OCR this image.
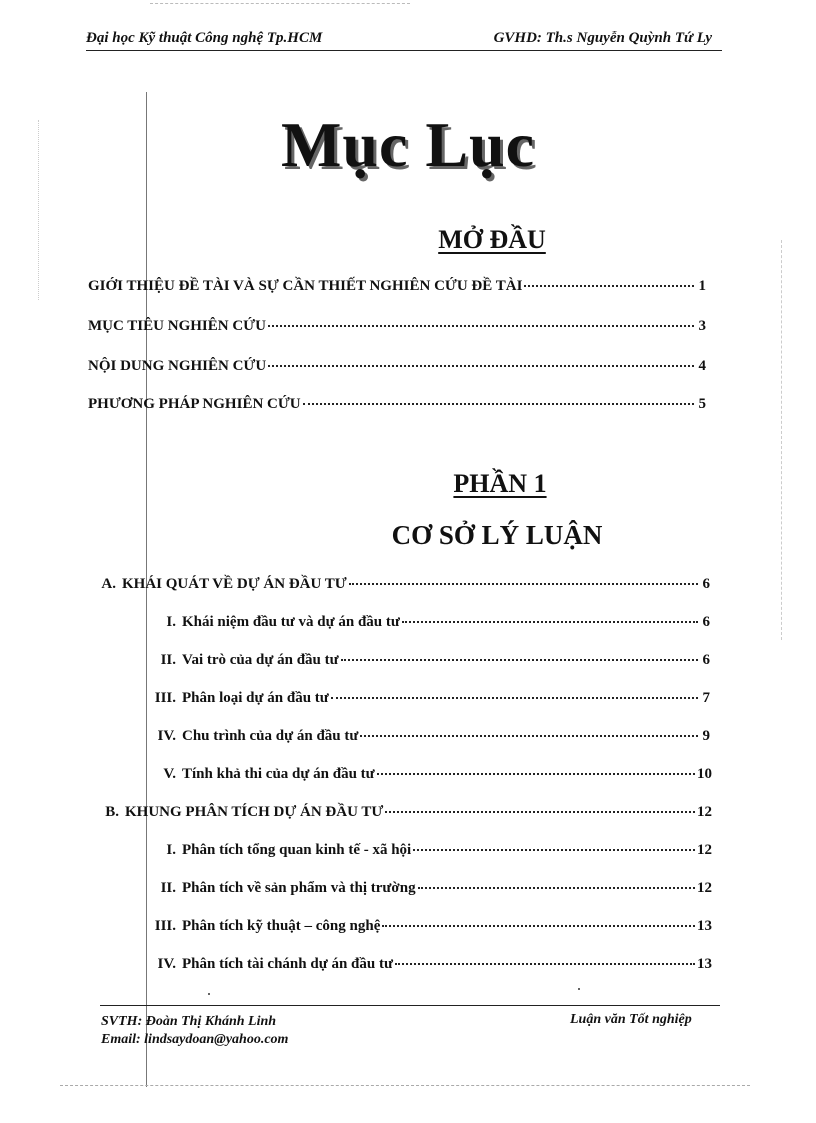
Đại học Kỹ thuật Công nghệ Tp.HCM	GVHD: Th.s Nguyễn Quỳnh Tứ Ly
Mục Lục
MỞ ĐẦU
GIỚI THIỆU ĐỀ TÀI VÀ SỰ CẦN THIẾT NGHIÊN CỨU ĐỀ TÀI	1
MỤC TIÊU NGHIÊN CỨU	3
NỘI DUNG NGHIÊN CỨU	4
PHƯƠNG PHÁP NGHIÊN CỨU	5
PHẦN 1
CƠ SỞ LÝ LUẬN
A. KHÁI QUÁT VỀ DỰ ÁN ĐẦU TƯ	6
I. Khái niệm đầu tư và dự án đầu tư	6
II. Vai trò của dự án đầu tư	6
III. Phân loại dự án đầu tư	7
IV. Chu trình của dự án đầu tư	9
V. Tính khả thi của dự án đầu tư	10
B. KHUNG PHÂN TÍCH DỰ ÁN ĐẦU TƯ	12
I. Phân tích tổng quan kinh tế - xã hội	12
II. Phân tích về sản phẩm và thị trường	12
III. Phân tích kỹ thuật – công nghệ	13
IV. Phân tích tài chánh dự án đầu tư	13
SVTH: Đoàn Thị Khánh Linh
Email: lindsaydoan@yahoo.com
Luận văn Tốt nghiệp
